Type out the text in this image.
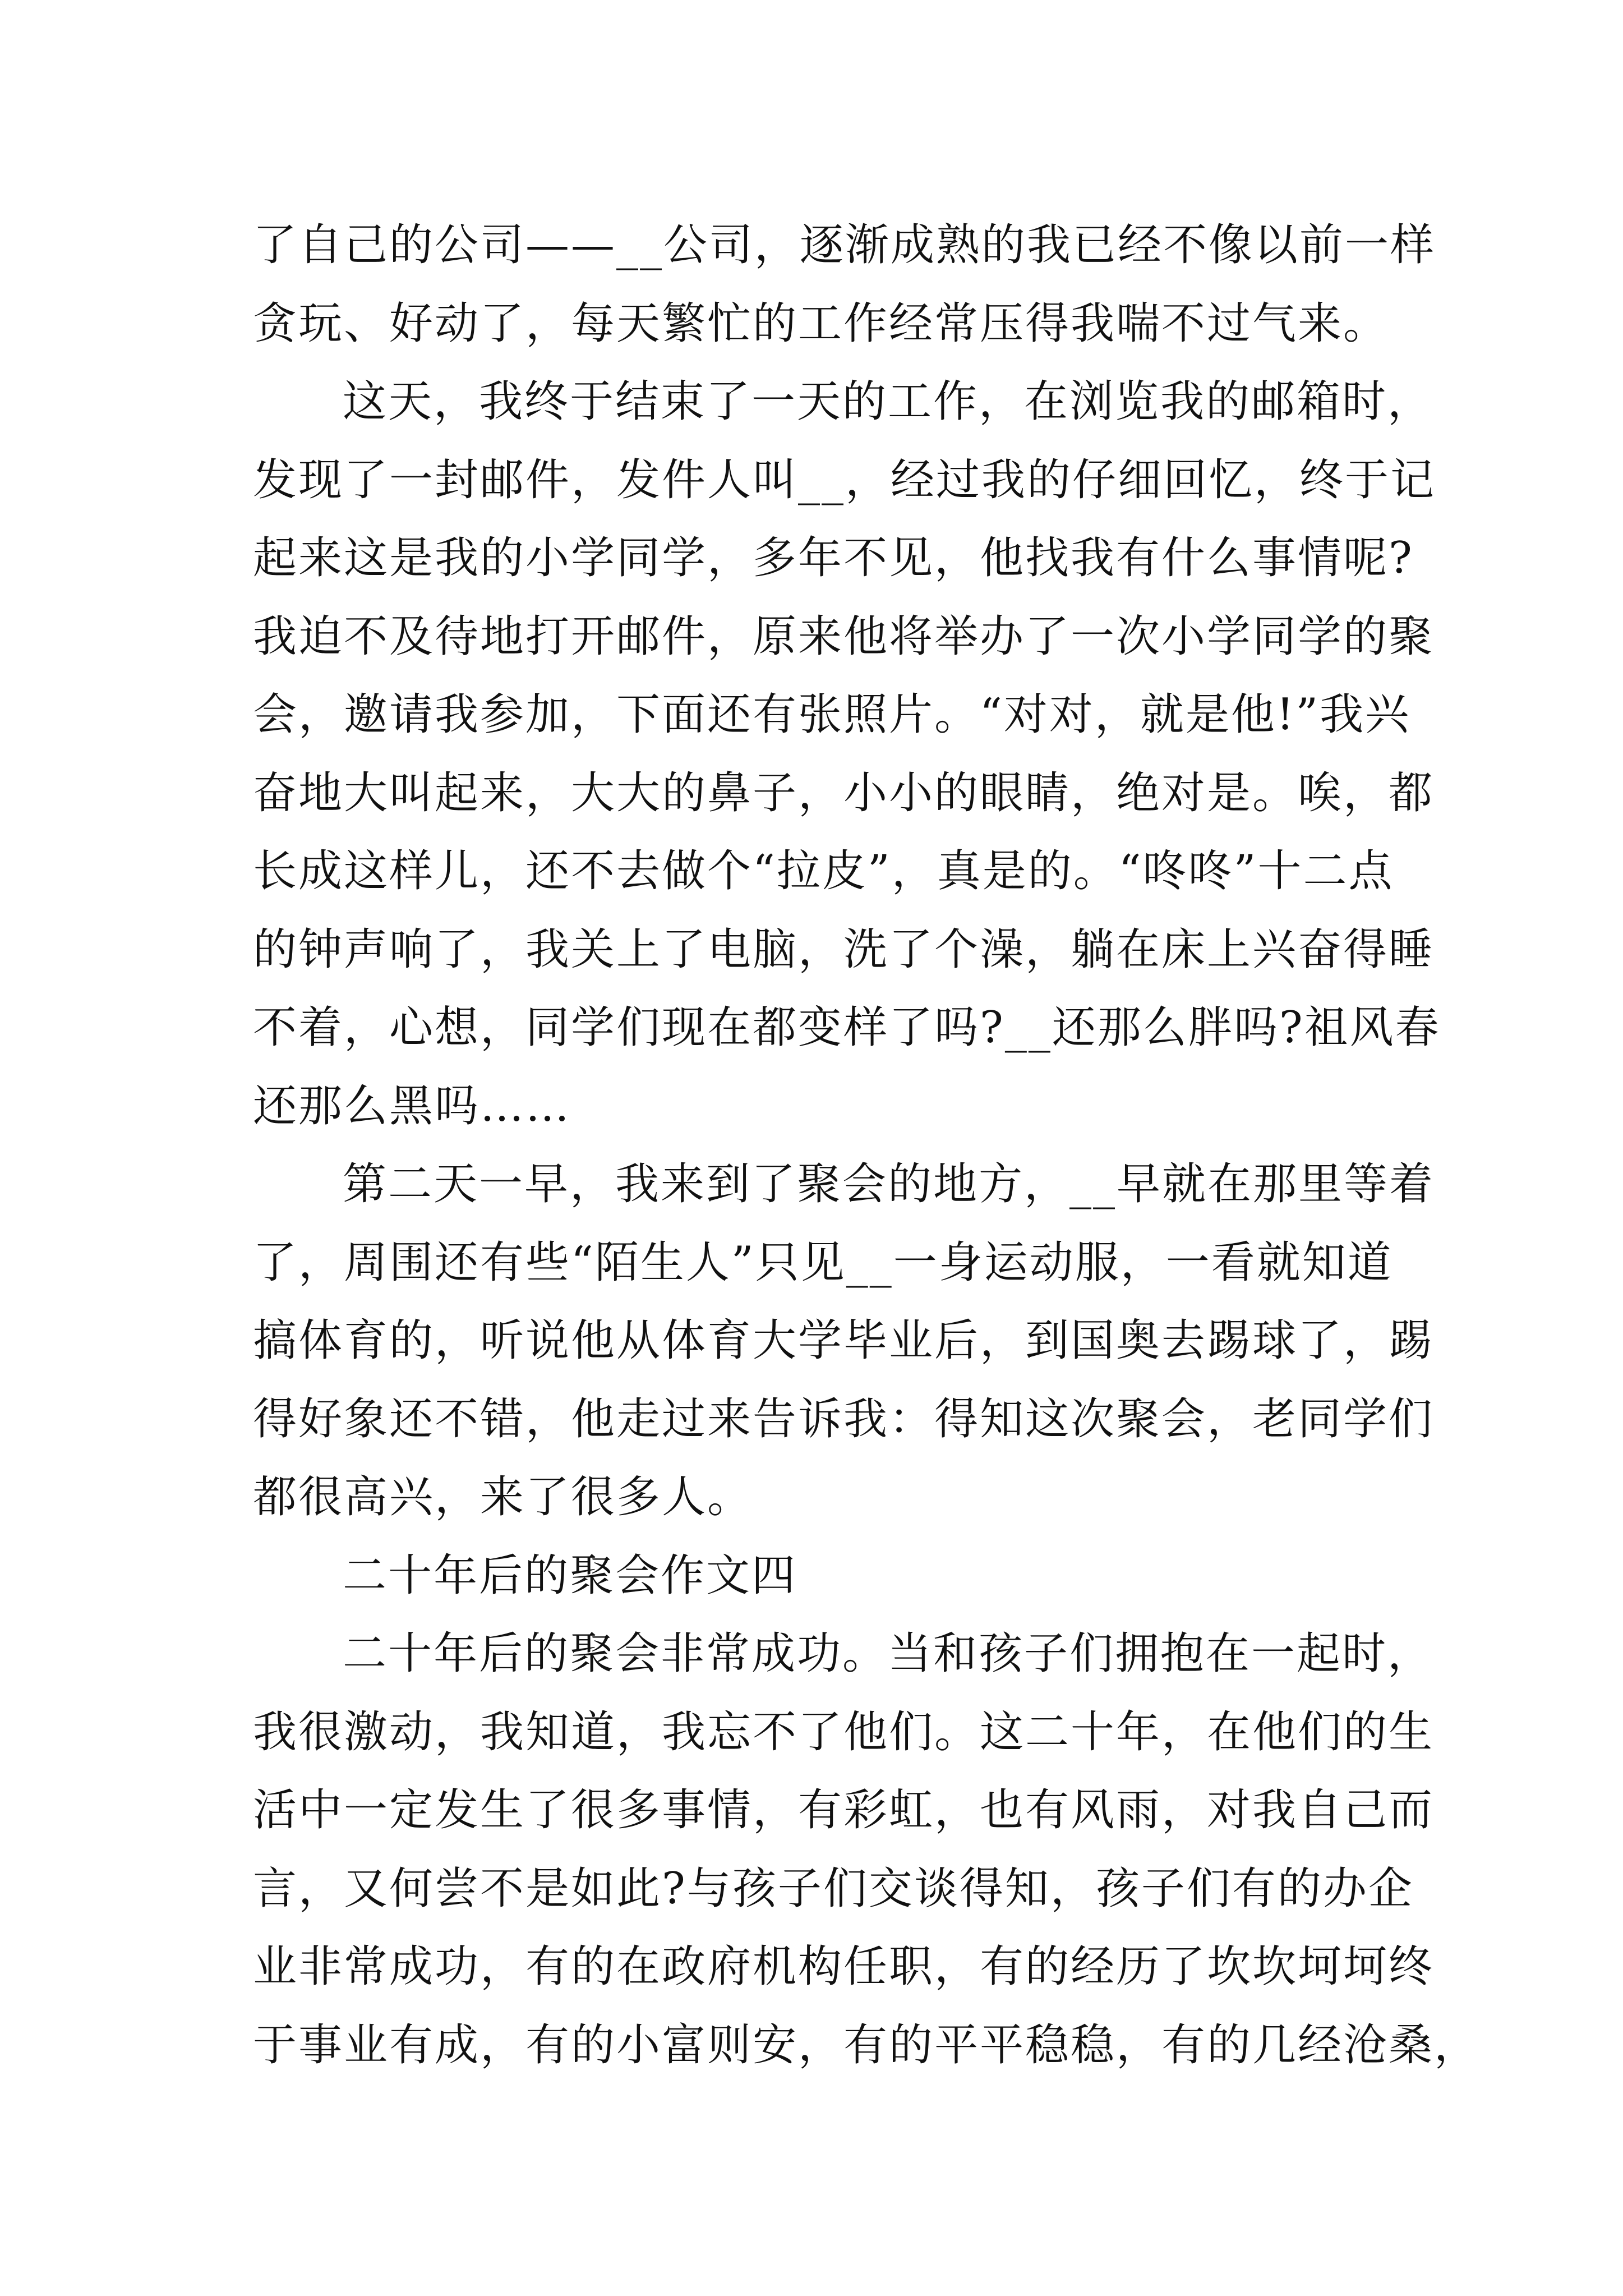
了自己的公司——__公司，逐渐成熟的我已经不像以前一样
贪玩、好动了，每天繁忙的工作经常压得我喘不过气来。
这天，我终于结束了一天的工作，在浏览我的邮箱时，
发现了一封邮件，发件人叫__，经过我的仔细回忆，终于记
起来这是我的小学同学，多年不见，他找我有什么事情呢?
我迫不及待地打开邮件，原来他将举办了一次小学同学的聚
会，邀请我参加，下面还有张照片。“对对，就是他!”我兴
奋地大叫起来，大大的鼻子，小小的眼睛，绝对是。唉，都
长成这样儿，还不去做个“拉皮”，真是的。“咚咚”十二点
的钟声响了，我关上了电脑，洗了个澡，躺在床上兴奋得睡
不着，心想，同学们现在都变样了吗?__还那么胖吗?祖风春
还那么黑吗……
第二天一早，我来到了聚会的地方，__早就在那里等着
了，周围还有些“陌生人”只见__一身运动服，一看就知道
搞体育的，听说他从体育大学毕业后，到国奥去踢球了，踢
得好象还不错，他走过来告诉我：得知这次聚会，老同学们
都很高兴，来了很多人。
二十年后的聚会作文四
二十年后的聚会非常成功。当和孩子们拥抱在一起时，
我很激动，我知道，我忘不了他们。这二十年，在他们的生
活中一定发生了很多事情，有彩虹，也有风雨，对我自己而
言，又何尝不是如此?与孩子们交谈得知，孩子们有的办企
业非常成功，有的在政府机构任职，有的经历了坎坎坷坷终
于事业有成，有的小富则安，有的平平稳稳，有的几经沧桑，
